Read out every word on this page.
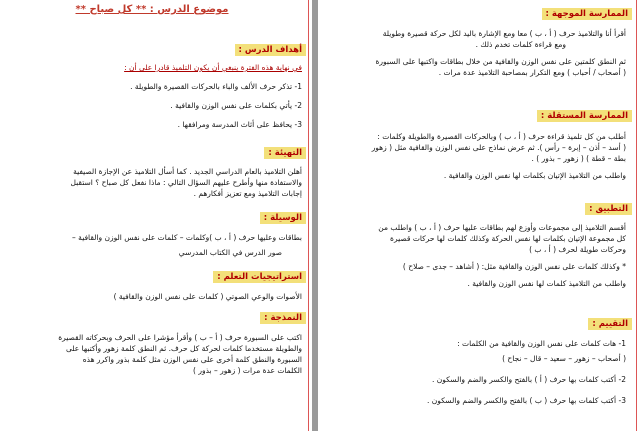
موضوع الدرس : ** كل صباح **
أهداف الدرس :

في نهاية هذه الفترة ينبغي أن يكون التلميذ قادرا على أن :

1- تذكر حرف الألف والباء بالحركات القصيرة والطويلة .

2- يأتي بكلمات على نفس الوزن والقافية .

3- يحافظ على أثاث المدرسة ومرافقها .

التهيئة :

أهلن التلاميذ بالعام الدراسي الجديد . كما أسأل التلاميذ عن الإجازة الصيفية

والاستفادة منها وأطرح عليهم السؤال التالي : ماذا نفعل كل صباح ؟ استقبل

إجابات التلاميذ ومع تعزيز أفكارهم .

الوسيلة :

بطاقات وعليها حرف ( أ ، ب )وكلمات – كلمات على نفس الوزن والقافية –

صور الدرس في الكتاب المدرسي

استراتيجيات التعلم :

الأصوات والوعي الصوتي ( كلمات على نفس الوزن والقافية )

النمذجة :

اكتب على السبورة حرف ( أ – ب ) وأقرأ مؤشرا على الحرف وبحركاته القصيرة

والطويلة مستخدما كلمات لحركة كل حرف. ثم النطق كلمة زهور وأكتبها على

السبورة والنطق كلمة أخرى على نفس الوزن مثل كلمة بذور واكرر هذه

الكلمات عدة مرات ( زهور – بذور )

الممارسة الموجهة :

أقرأ أنا والتلاميذ حرف ( أ ، ب ) معا ومع الإشارة باليد لكل حركة قصيرة وطويلة

ومع قراءة كلمات تخدم ذلك .

ثم النطق كلمتين على نفس الوزن والقافية من خلال بطاقات واكتبها على السبورة

( أصحاب / أحباب ) ومع التكرار بمصاحبة التلاميذ عدة مرات .

الممارسة المستقلة :

أطلب من كل تلميذ قراءة حرف ( أ ، ب ) وبالحركات القصيرة والطويلة وكلمات :

( أسد – أذن – إبرة – رأس ). ثم عرض نماذج على نفس الوزن والقافية مثل ( زهور

بطة – قطة ) ( زهور – بذور ) .

واطلب من التلاميذ الإتيان بكلمات لها نفس الوزن والقافية .

التطبيق :

أقسم التلاميذ إلى مجموعات وأوزع لهم بطاقات عليها حرف ( أ ، ب ) واطلب من

كل مجموعة الإتيان بكلمات لها نفس الحركة وكذلك كلمات لها حركات قصيرة

وحركات طويلة لحرف ( أ ، ب )

* وكذلك كلمات على نفس الوزن والقافية مثل: ( أشاهد – جدى – صلاح )

واطلب من التلاميذ كلمات لها نفس الوزن والقافية .

التقييم :

1- هات كلمات على نفس الوزن والقافية من الكلمات :

( أصحاب – زهور – سعيد – قال – نجاح )

2- أكتب كلمات بها حرف ( أ ) بالفتح والكسر والضم والسكون .

3- أكتب كلمات بها حرف ( ب ) بالفتح والكسر والضم والسكون .
